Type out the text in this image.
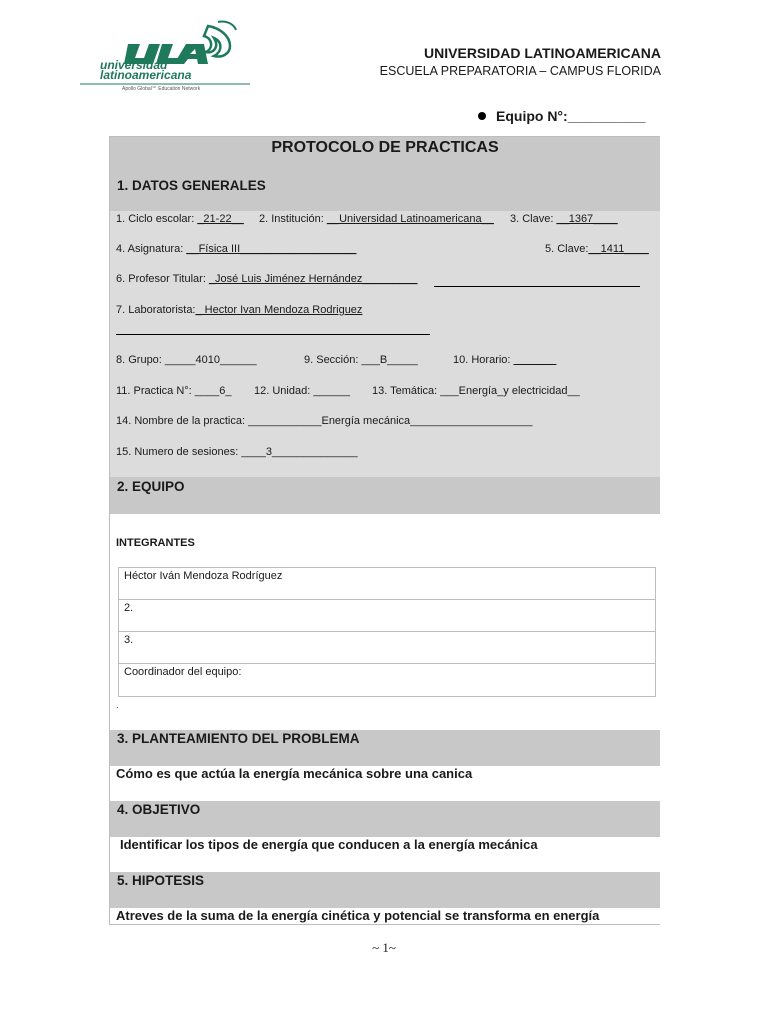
universidad
latinoamericana
Apollo Global℠ Education Network
UNIVERSIDAD LATINOAMERICANA
ESCUELA PREPARATORIA – CAMPUS FLORIDA
Equipo N°:__________
PROTOCOLO DE PRACTICAS
1. DATOS GENERALES
1. Ciclo escolar: _21-22__ 2. Institución: __Universidad Latinoamericana__ 3. Clave: __1367____
4. Asignatura: __Física III___________________	5. Clave:__1411____
6. Profesor Titular: _José Luis Jiménez Hernández_________
7. Laboratorista:_ Hector Ivan Mendoza Rodriguez
8. Grupo: _____4010______	9. Sección: ___B_____	10. Horario: _______
11. Practica N°: ____6_ 12. Unidad: ______ 13. Temática: ___Energía_y electricidad__
14. Nombre de la practica: ____________Energía mecánica____________________
15. Numero de sesiones: ____3______________
2. EQUIPO
INTEGRANTES
Héctor Iván Mendoza Rodríguez
2.
3.
Coordinador del equipo:
.
3. PLANTEAMIENTO DEL PROBLEMA
Cómo es que actúa la energía mecánica sobre una canica
4. OBJETIVO
Identificar los tipos de energía que conducen a la energía mecánica
5. HIPOTESIS
Atreves de la suma de la energía cinética y potencial se transforma en energía
~ 1~
